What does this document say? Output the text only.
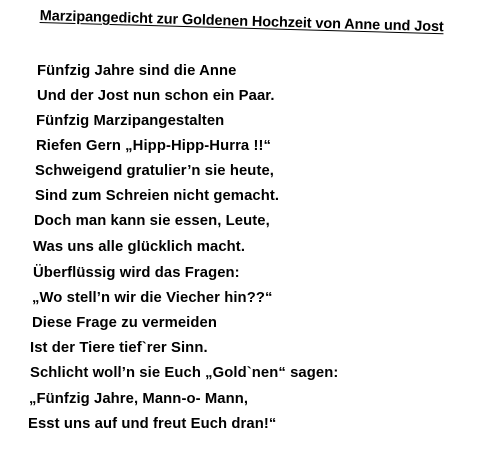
Marzipangedicht zur Goldenen Hochzeit von Anne und Jost
Fünfzig Jahre sind die Anne
Und der Jost nun schon ein Paar.
Fünfzig Marzipangestalten
Riefen Gern „Hipp-Hipp-Hurra !!“
Schweigend gratulier’n sie heute,
Sind zum Schreien nicht gemacht.
Doch man kann sie essen, Leute,
Was uns alle glücklich macht.
Überflüssig wird das Fragen:
„Wo stell’n wir die Viecher hin??“
Diese Frage zu vermeiden
Ist der Tiere tief`rer Sinn.
Schlicht woll’n sie Euch „Gold`nen“ sagen:
„Fünfzig Jahre, Mann-o- Mann,
Esst uns auf und freut Euch dran!“
